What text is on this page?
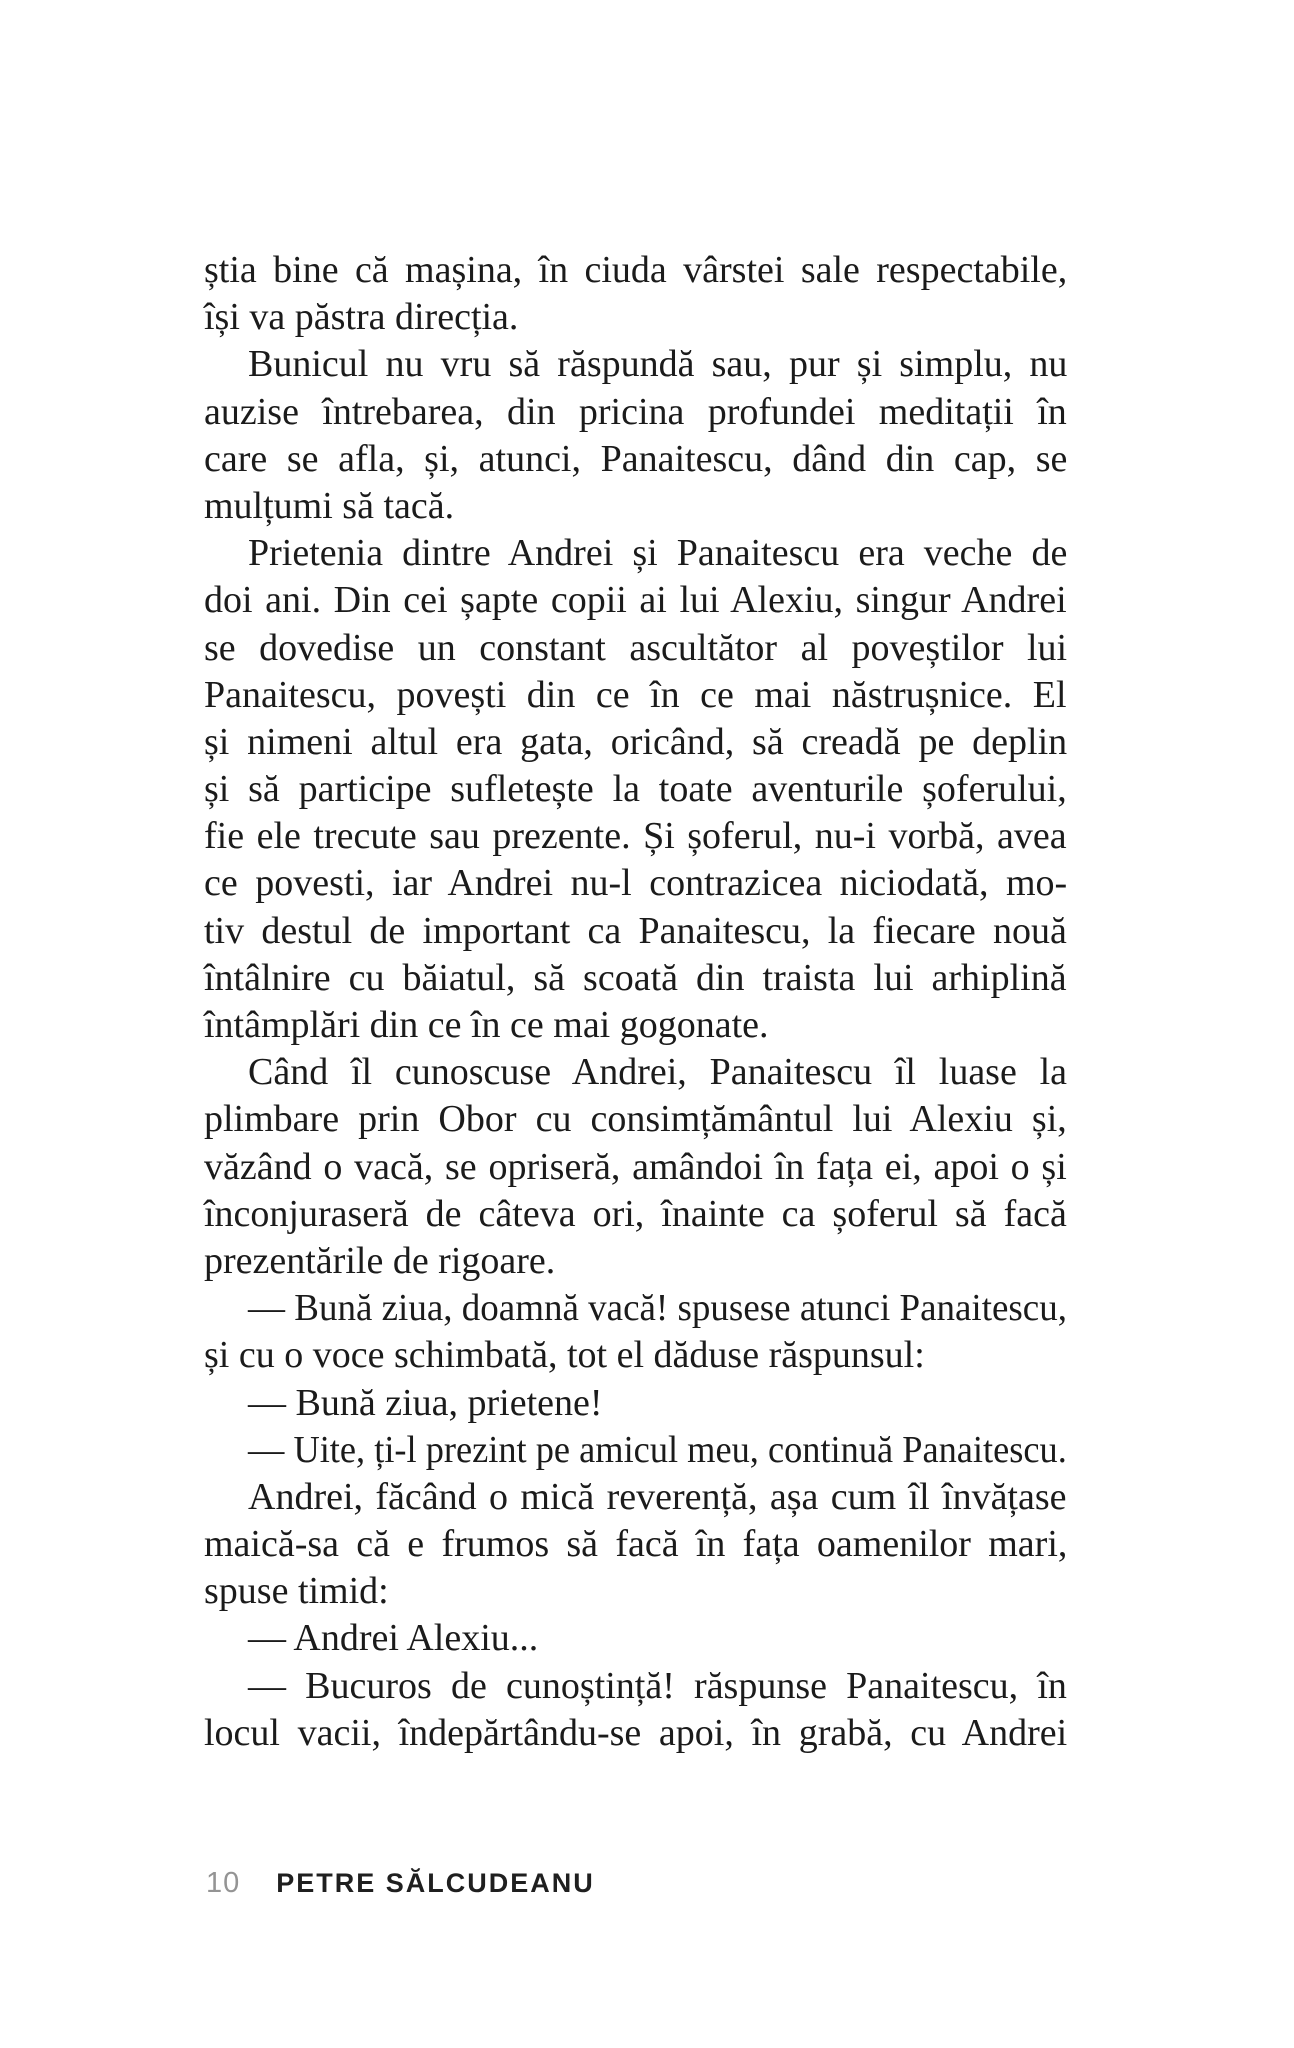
știa bine că mașina, în ciuda vârstei sale respectabile,
își va păstra direcția.
Bunicul nu vru să răspundă sau, pur și simplu, nu
auzise întrebarea, din pricina profundei meditații în
care se afla, și, atunci, Panaitescu, dând din cap, se
mulțumi să tacă.
Prietenia dintre Andrei și Panaitescu era veche de
doi ani. Din cei șapte copii ai lui Alexiu, singur Andrei
se dovedise un constant ascultător al poveștilor lui
Panaitescu, povești din ce în ce mai năstrușnice. El
și nimeni altul era gata, oricând, să creadă pe deplin
și să participe sufletește la toate aventurile șoferului,
fie ele trecute sau prezente. Și șoferul, nu-i vorbă, avea
ce povesti, iar Andrei nu-l contrazicea niciodată, mo-
tiv destul de important ca Panaitescu, la fiecare nouă
întâlnire cu băiatul, să scoată din traista lui arhiplină
întâmplări din ce în ce mai gogonate.
Când îl cunoscuse Andrei, Panaitescu îl luase la
plimbare prin Obor cu consimțământul lui Alexiu și,
văzând o vacă, se opriseră, amândoi în fața ei, apoi o și
înconjuraseră de câteva ori, înainte ca șoferul să facă
prezentările de rigoare.
— Bună ziua, doamnă vacă! spusese atunci Panaitescu,
și cu o voce schimbată, tot el dăduse răspunsul:
— Bună ziua, prietene!
— Uite, ți-l prezint pe amicul meu, continuă Panaitescu.
Andrei, făcând o mică reverență, așa cum îl învățase
maică-sa că e frumos să facă în fața oamenilor mari,
spuse timid:
— Andrei Alexiu...
— Bucuros de cunoștință! răspunse Panaitescu, în
locul vacii, îndepărtându-se apoi, în grabă, cu Andrei
10 PETRE SĂLCUDEANU
